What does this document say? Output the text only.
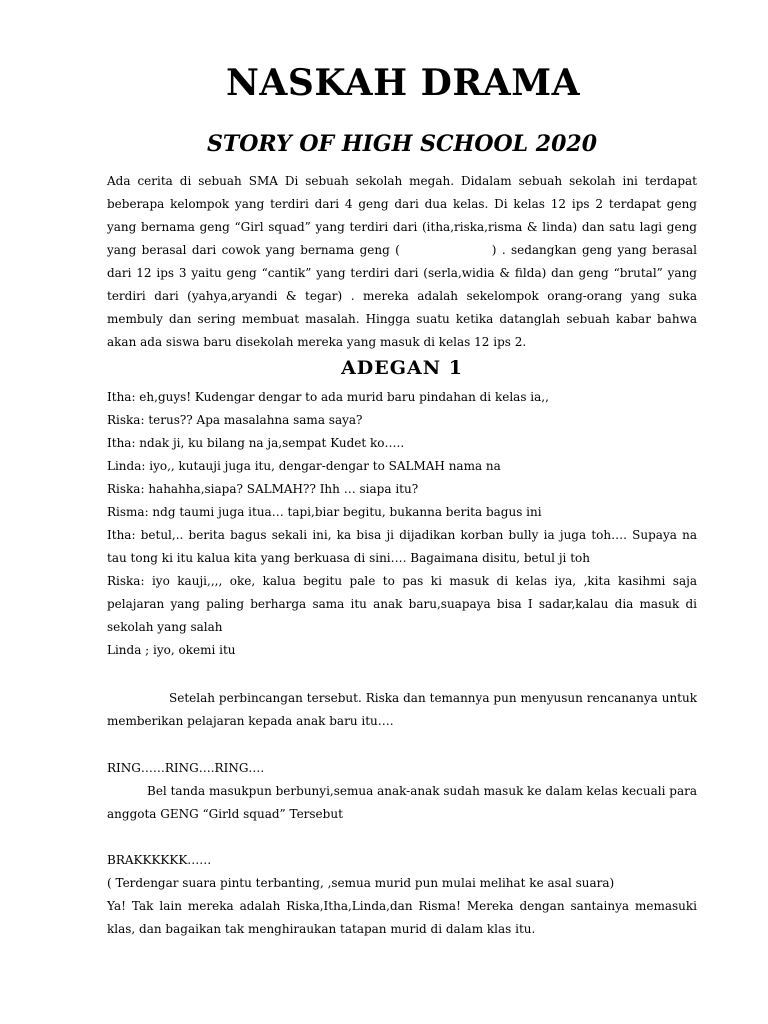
NASKAH DRAMA
STORY OF HIGH SCHOOL 2020

Ada cerita di sebuah SMA Di sebuah sekolah megah. Didalam sebuah sekolah ini terdapat beberapa kelompok yang terdiri dari 4 geng dari dua kelas. Di kelas 12 ips 2 terdapat geng yang bernama geng “Girl squad” yang terdiri dari (itha,riska,risma & linda) dan satu lagi geng yang berasal dari cowok yang bernama geng (	) . sedangkan geng yang berasal dari 12 ips 3 yaitu geng “cantik” yang terdiri dari (serla,widia & filda) dan geng “brutal” yang terdiri dari (yahya,aryandi & tegar) . mereka adalah sekelompok orang-orang yang suka membuly dan sering membuat masalah. Hingga suatu ketika datanglah sebuah kabar bahwa akan ada siswa baru disekolah mereka yang masuk di kelas 12 ips 2.

ADEGAN 1
Itha: eh,guys! Kudengar dengar to ada murid baru pindahan di kelas ia,,
Riska: terus?? Apa masalahna sama saya?
Itha: ndak ji, ku bilang na ja,sempat Kudet ko…..
Linda: iyo,, kutauji juga itu, dengar-dengar to SALMAH nama na
Riska: hahahha,siapa? SALMAH?? Ihh … siapa itu?
Risma: ndg taumi juga itua… tapi,biar begitu, bukanna berita bagus ini
Itha: betul,.. berita bagus sekali ini, ka bisa ji dijadikan korban bully ia juga toh…. Supaya na tau tong ki itu kalua kita yang berkuasa di sini…. Bagaimana disitu, betul ji toh
Riska: iyo kauji,,,, oke, kalua begitu pale to pas ki masuk di kelas iya, ,kita kasihmi saja pelajaran yang paling berharga sama itu anak baru,suapaya bisa I sadar,kalau dia masuk di sekolah yang salah
Linda ; iyo, okemi itu

Setelah perbincangan tersebut. Riska dan temannya pun menyusun rencananya untuk memberikan pelajaran kepada anak baru itu….

RING……RING….RING….

Bel tanda masukpun berbunyi,semua anak-anak sudah masuk ke dalam kelas kecuali para anggota GENG “Girld squad” Tersebut

BRAKKKKKK……

( Terdengar suara pintu terbanting, ,semua murid pun mulai melihat ke asal suara)

Ya! Tak lain mereka adalah Riska,Itha,Linda,dan Risma! Mereka dengan santainya memasuki klas, dan bagaikan tak menghiraukan tatapan murid di dalam klas itu.
